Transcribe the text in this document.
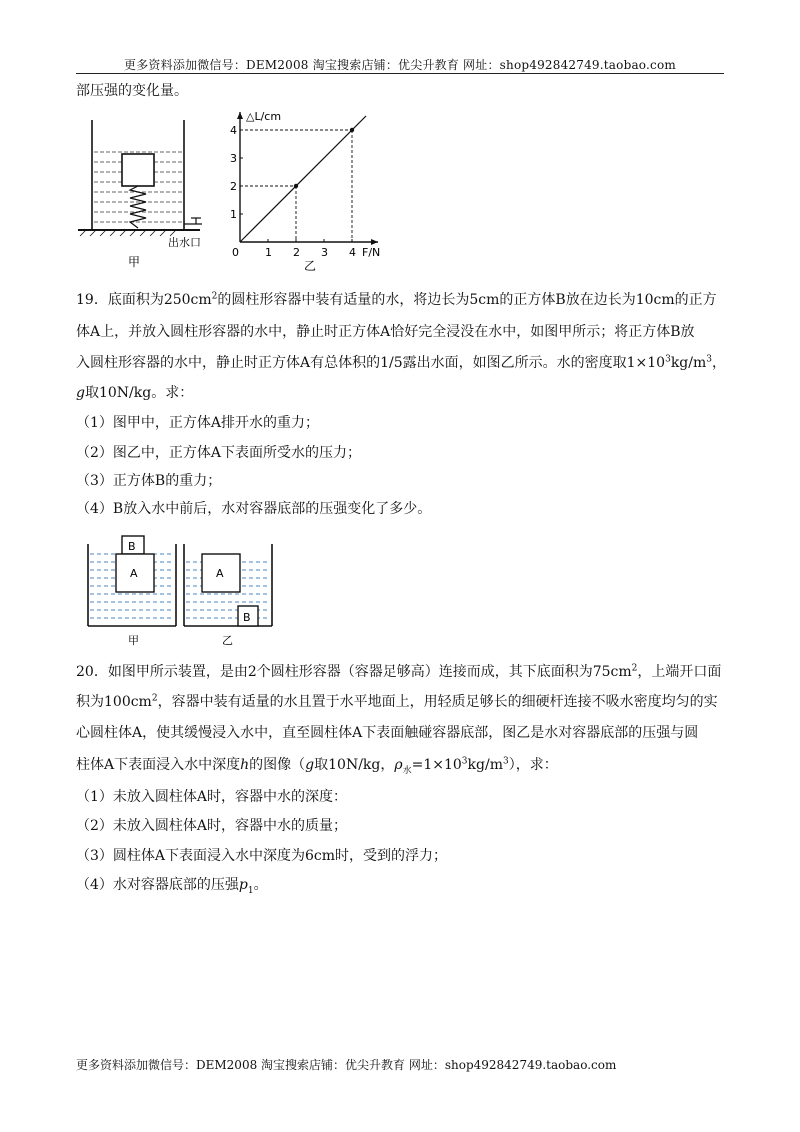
更多资料添加微信号：DEM2008 淘宝搜索店铺：优尖升教育 网址：shop492842749.taobao.com
部压强的变化量。
出水口
甲
△L/cm
F/N
0 1 2 3 4
1
2
3
4
乙
19．底面积为$250cm^2$的圆柱形容器中装有适量的水，将边长为5cm的正方体B放在边长为10cm的正方
体A上，并放入圆柱形容器的水中，静止时正方体A恰好完全浸没在水中，如图甲所示；将正方体B放
入圆柱形容器的水中，静止时正方体A有总体积的1/5露出水面，如图乙所示。水的密度取$1\times 10^3kg/m^3$，
g取10N/kg。求：
（1）图甲中，正方体A排开水的重力；
（2）图乙中，正方体A下表面所受水的压力；
（3）正方体B的重力；
（4）B放入水中前后，水对容器底部的压强变化了多少。
B
A	A
B
甲	乙
20．如图甲所示装置，是由2个圆柱形容器（容器足够高）连接而成，其下底面积为$75cm^2$，上端开口面
积为$100cm^2$，容器中装有适量的水且置于水平地面上，用轻质足够长的细硬杆连接不吸水密度均匀的实
心圆柱体A，使其缓慢浸入水中，直至圆柱体A下表面触碰容器底部，图乙是水对容器底部的压强与圆
柱体A下表面浸入水中深度h的图像（g取10N/kg，$\rho_水=1\times 10^3kg/m^3$），求：
（1）未放入圆柱体A时，容器中水的深度：
（2）未放入圆柱体A时，容器中水的质量；
（3）圆柱体A下表面浸入水中深度为6cm时，受到的浮力；
（4）水对容器底部的压强$p_1$。
更多资料添加微信号：DEM2008 淘宝搜索店铺：优尖升教育 网址：shop492842749.taobao.com
